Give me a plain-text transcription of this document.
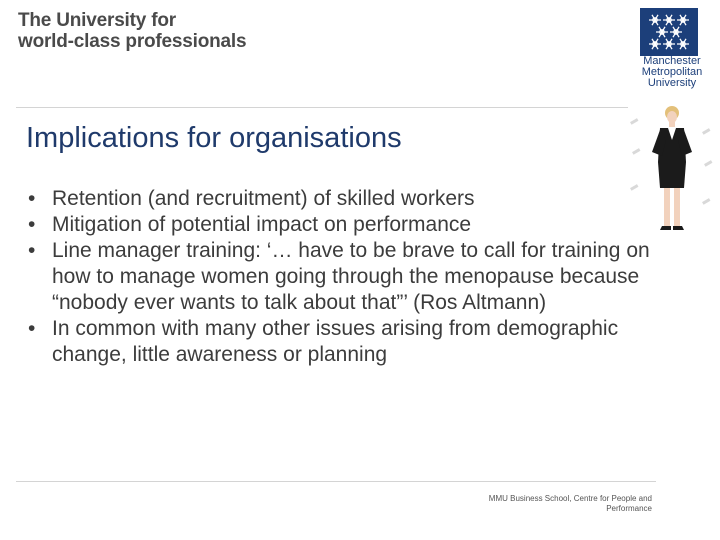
The University for
world-class professionals
Manchester
Metropolitan
University
Implications for organisations
• Retention (and recruitment) of skilled workers
• Mitigation of potential impact on performance
• Line manager training: ‘… have to be brave to call for training on how to manage women going through the menopause because “nobody ever wants to talk about that”’ (Ros Altmann)
• In common with many other issues arising from demographic change, little awareness or planning
MMU Business School, Centre for People and
Performance
